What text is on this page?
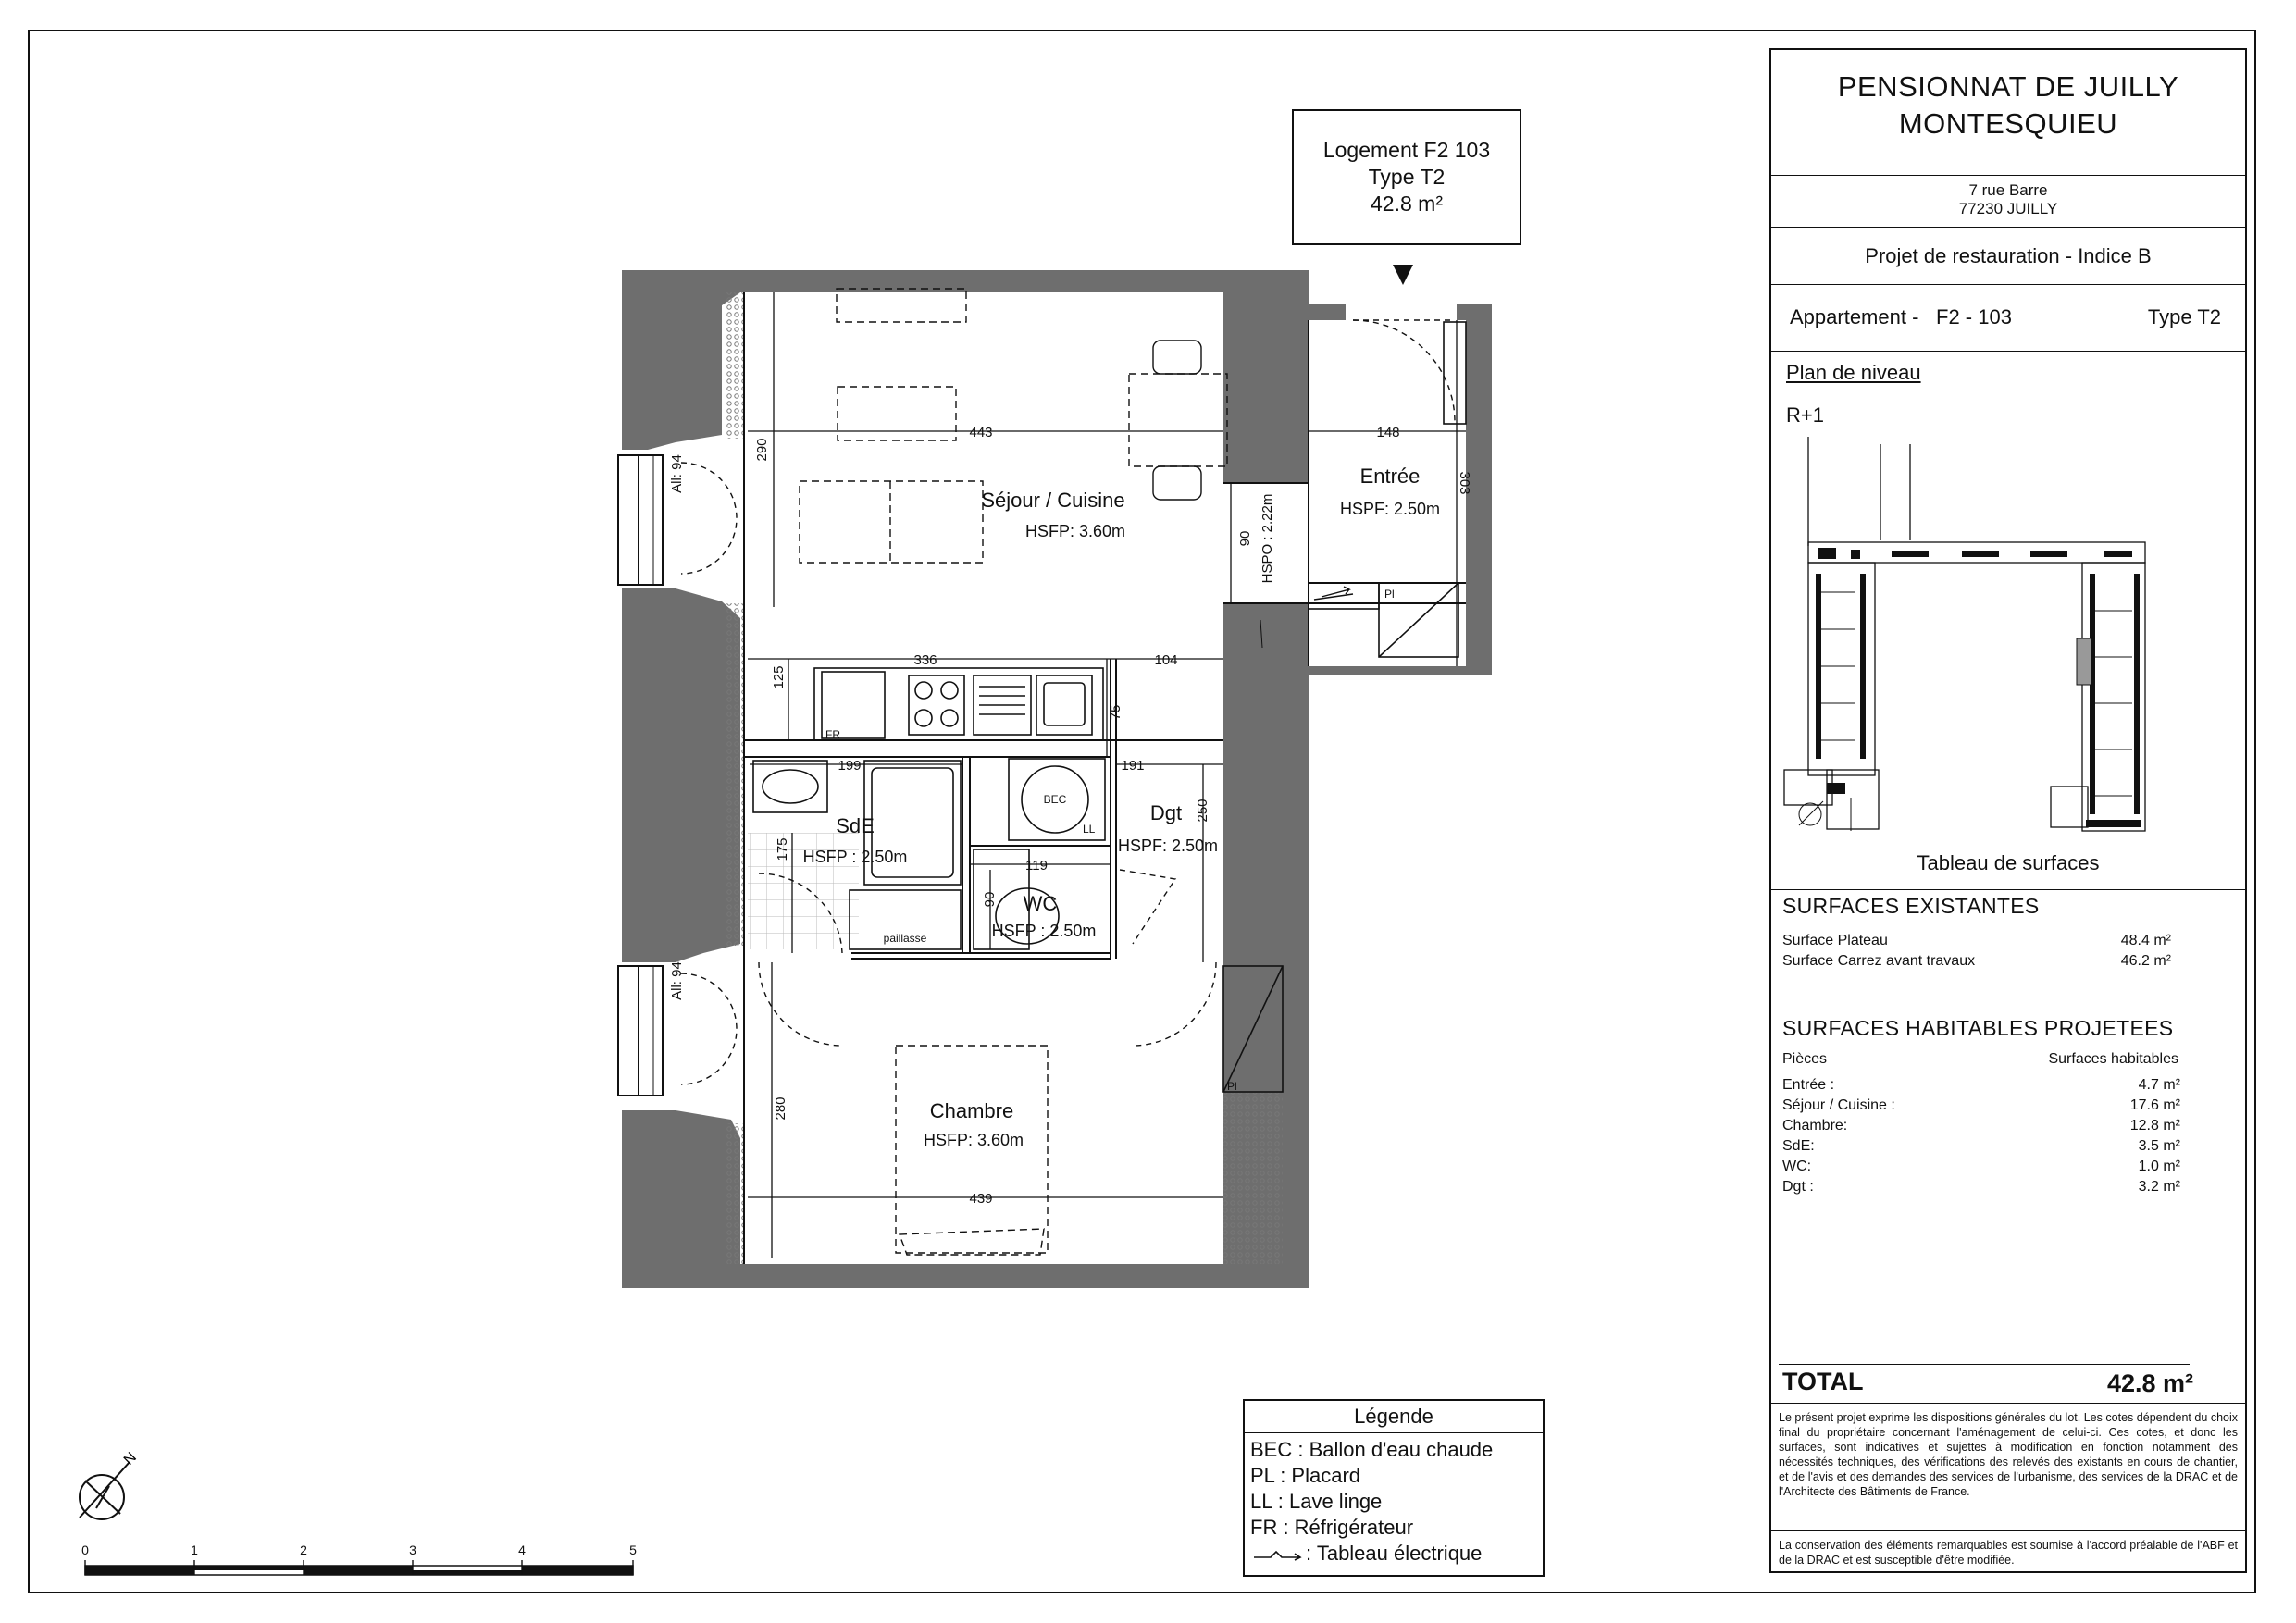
Logement F2 103
Type T2
42.8 m²
443	148
290
303
336	104
125
75
199	191
250
175
119
90
90 HSPO : 2.22m
280
439
All: 94
All: 94
FR
BEC
LL
Pl
Pl
paillasse
Séjour / Cuisine
HSFP: 3.60m
Entrée
HSPF: 2.50m
SdE
HSFP : 2.50m
Dgt
HSPF: 2.50m
WC
HSFP : 2.50m
Chambre
HSFP: 3.60m
N
0	1	2	3	4	5
Légende
BEC : Ballon d'eau chaude
PL : Placard
LL : Lave linge
FR : Réfrigérateur
: Tableau électrique
PENSIONNAT DE JUILLY
MONTESQUIEU
7 rue Barre
77230 JUILLY
Projet de restauration - Indice B
Appartement - F2 - 103	Type T2
Plan de niveau
R+1
Tableau de surfaces
SURFACES EXISTANTES
Surface Plateau	48.4 m²
Surface Carrez avant travaux	46.2 m²
SURFACES HABITABLES PROJETEES
Pièces	Surfaces habitables
Entrée :	4.7 m²
Séjour / Cuisine :	17.6 m²
Chambre:	12.8 m²
SdE:	3.5 m²
WC:	1.0 m²
Dgt :	3.2 m²
TOTAL	42.8 m²
Le présent projet exprime les dispositions générales du lot. Les cotes dépendent du choix final du propriétaire concernant l'aménagement de celui-ci. Ces cotes, et donc les surfaces, sont indicatives et sujettes à modification en fonction notamment des nécessités techniques, des vérifications des relevés des existants en cours de chantier, et de l'avis et des demandes des services de l'urbanisme, des services de la DRAC et de l'Architecte des Bâtiments de France.
La conservation des éléments remarquables est soumise à l'accord préalable de l'ABF et de la DRAC et est susceptible d'être modifiée.
